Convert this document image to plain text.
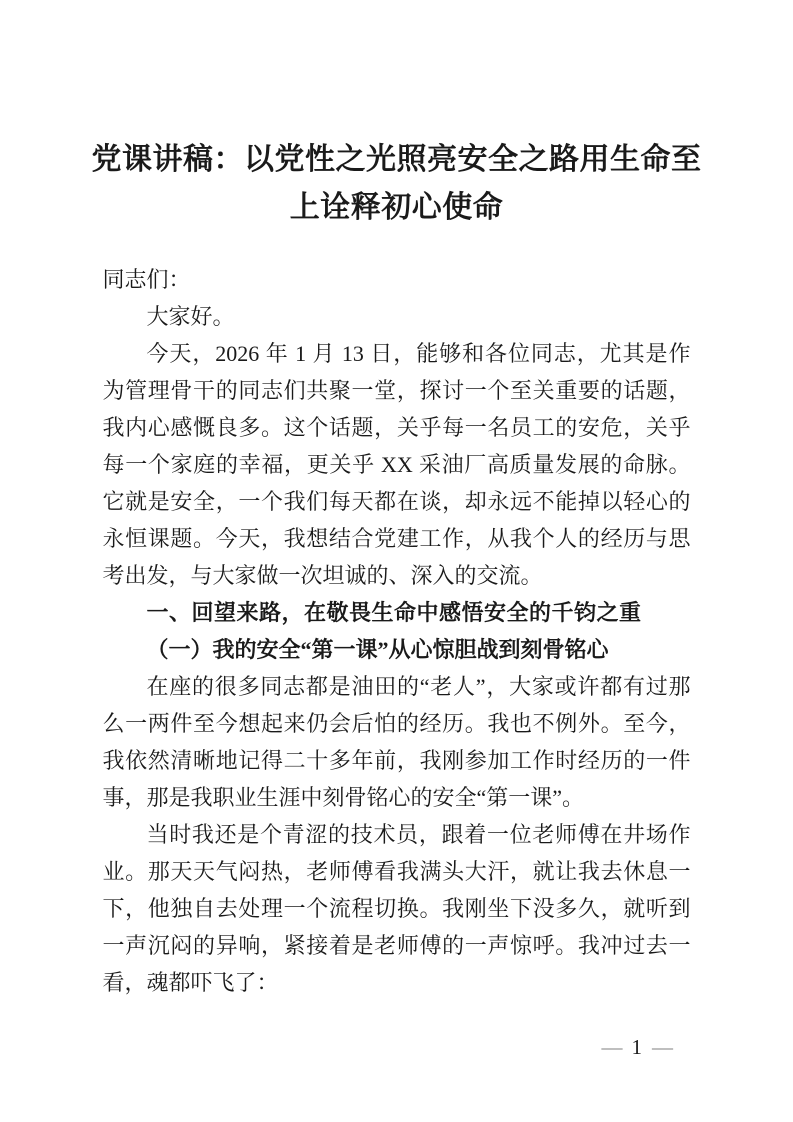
党课讲稿：以党性之光照亮安全之路用生命至上诠释初心使命

同志们：

大家好。

今天，2026 年 1 月 13 日，能够和各位同志，尤其是作为管理骨干的同志们共聚一堂，探讨一个至关重要的话题，我内心感慨良多。这个话题，关乎每一名员工的安危，关乎每一个家庭的幸福，更关乎 XX 采油厂高质量发展的命脉。它就是安全，一个我们每天都在谈，却永远不能掉以轻心的永恒课题。今天，我想结合党建工作，从我个人的经历与思考出发，与大家做一次坦诚的、深入的交流。

一、回望来路，在敬畏生命中感悟安全的千钧之重
（一）我的安全“第一课”从心惊胆战到刻骨铭心

在座的很多同志都是油田的“老人”，大家或许都有过那么一两件至今想起来仍会后怕的经历。我也不例外。至今，我依然清晰地记得二十多年前，我刚参加工作时经历的一件事，那是我职业生涯中刻骨铭心的安全“第一课”。

当时我还是个青涩的技术员，跟着一位老师傅在井场作业。那天天气闷热，老师傅看我满头大汗，就让我去休息一下，他独自去处理一个流程切换。我刚坐下没多久，就听到一声沉闷的异响，紧接着是老师傅的一声惊呼。我冲过去一看，魂都吓飞了：

— 1 —
